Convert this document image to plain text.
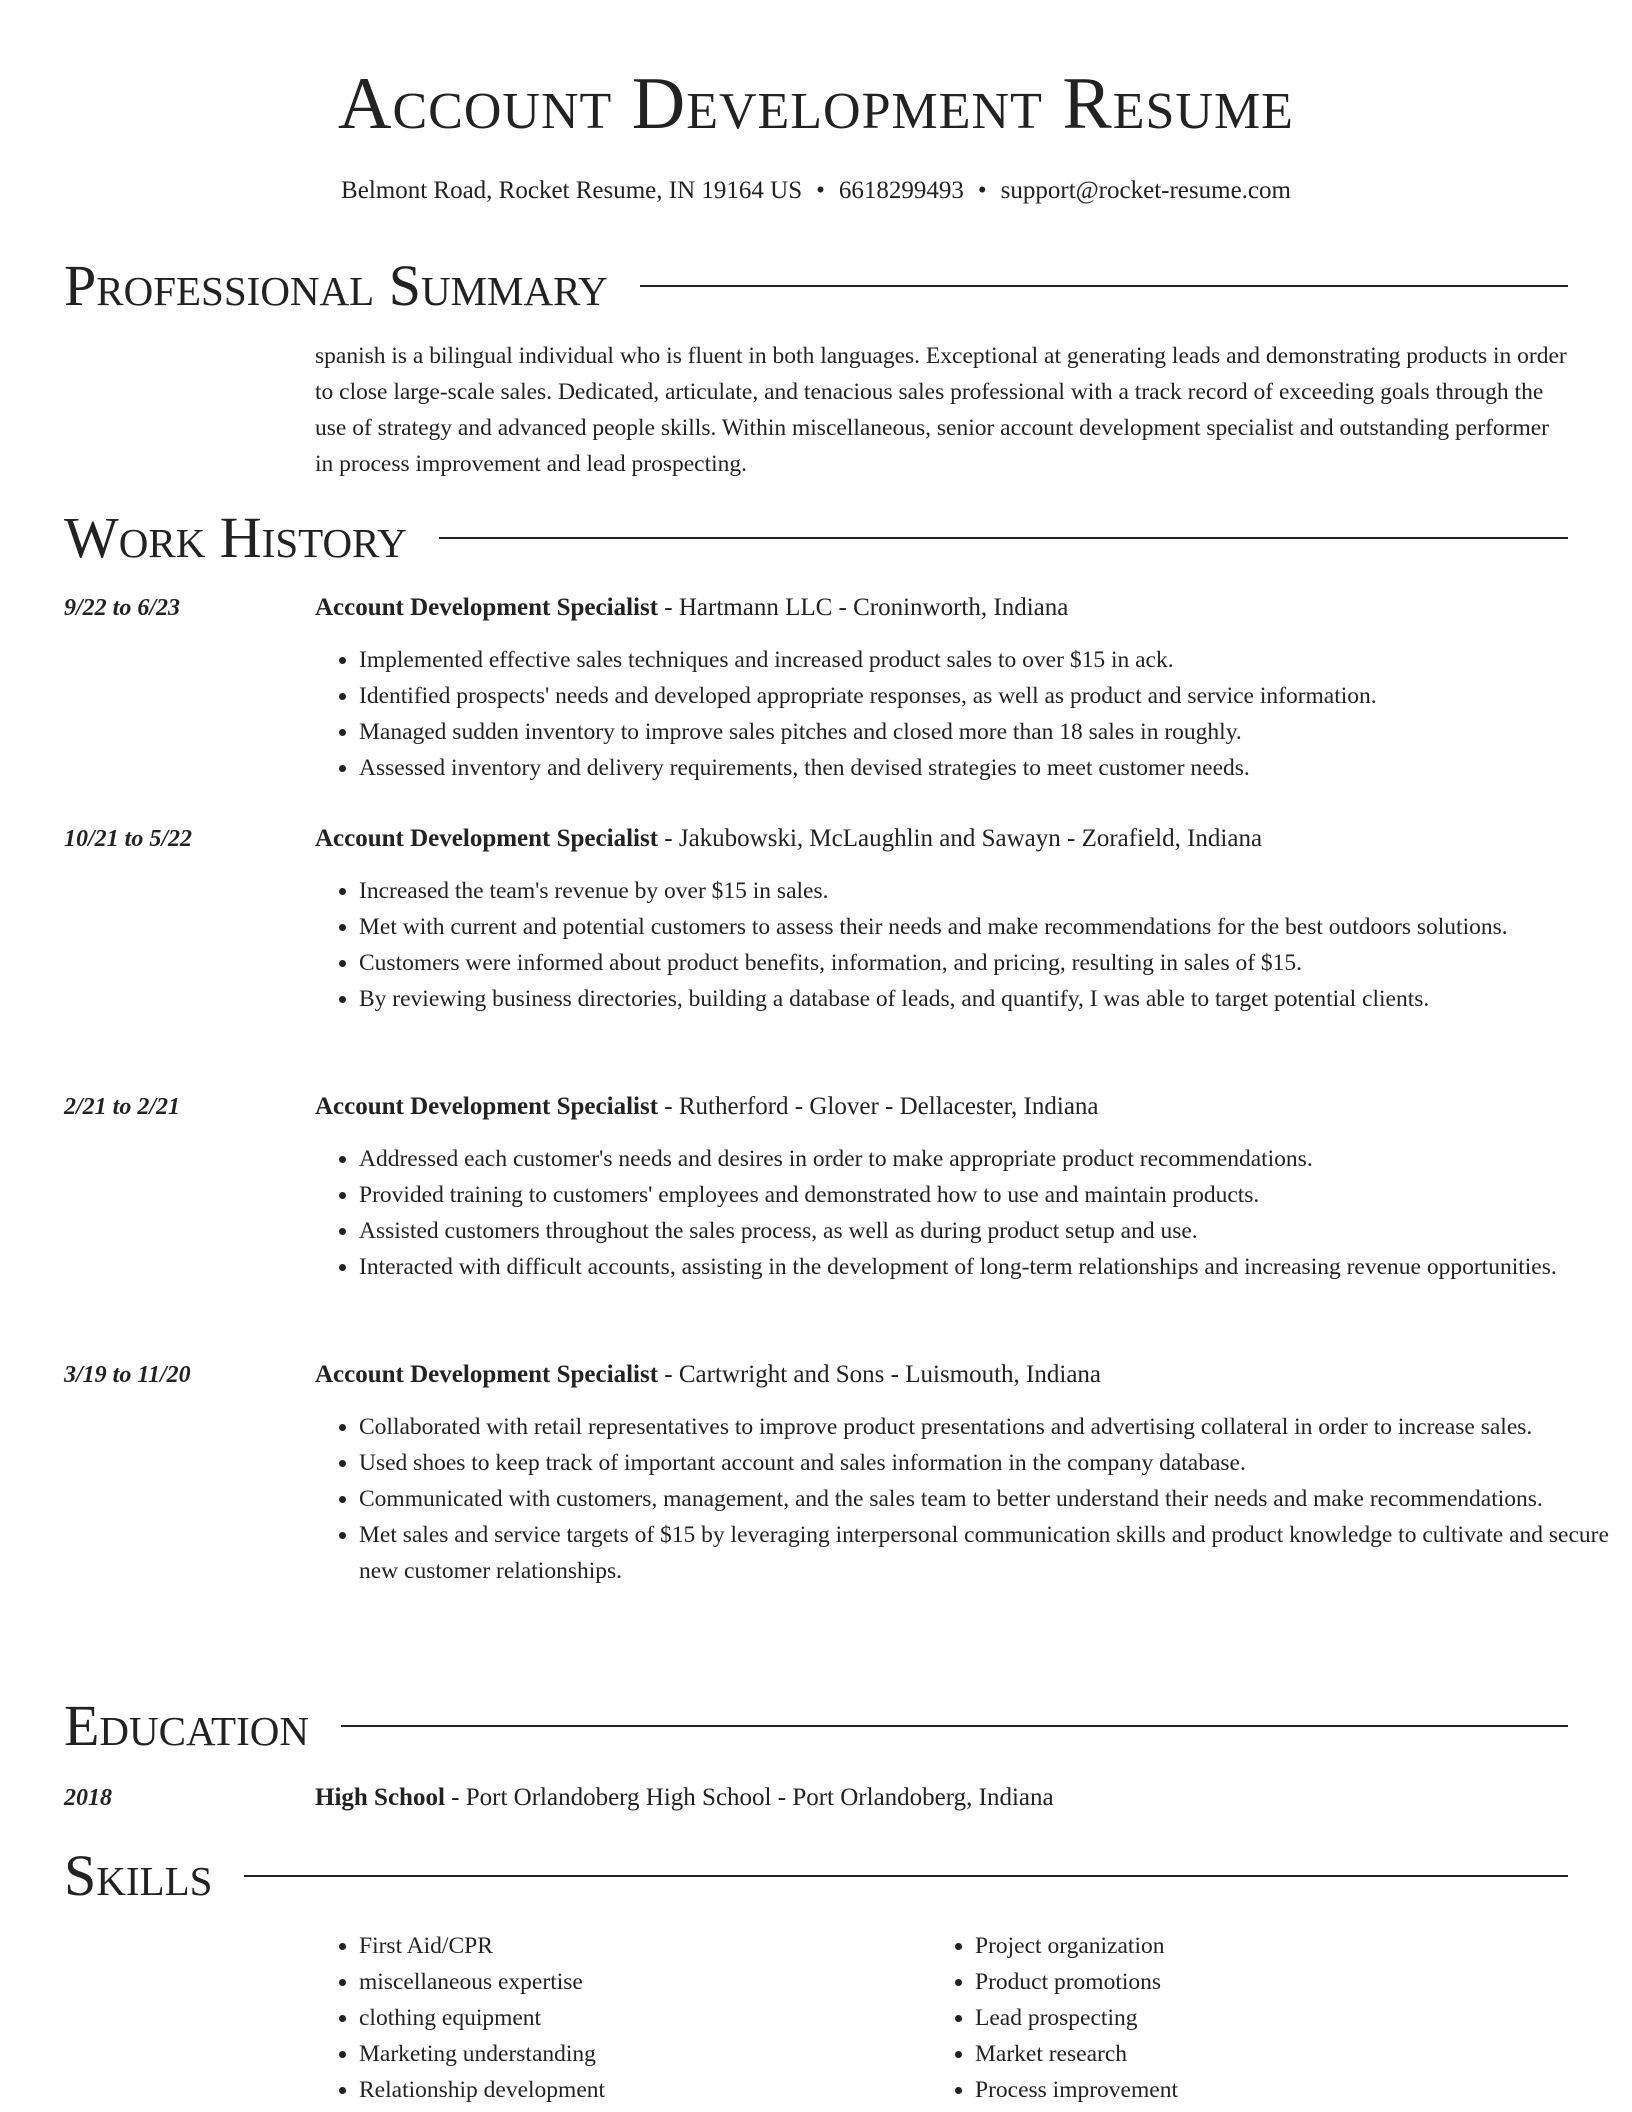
Account Development Resume
Belmont Road, Rocket Resume, IN 19164 US • 6618299493 • support@rocket-resume.com
Professional Summary

spanish is a bilingual individual who is fluent in both languages. Exceptional at generating leads and demonstrating products in order to close large-scale sales. Dedicated, articulate, and tenacious sales professional with a track record of exceeding goals through the use of strategy and advanced people skills. Within miscellaneous, senior account development specialist and outstanding performer in process improvement and lead prospecting.

Work History
9/22 to 6/23	Account Development Specialist - Hartmann LLC - Croninworth, Indiana
• Implemented effective sales techniques and increased product sales to over $15 in ack.
• Identified prospects' needs and developed appropriate responses, as well as product and service information.
• Managed sudden inventory to improve sales pitches and closed more than 18 sales in roughly.
• Assessed inventory and delivery requirements, then devised strategies to meet customer needs.
10/21 to 5/22	Account Development Specialist - Jakubowski, McLaughlin and Sawayn - Zorafield, Indiana
• Increased the team's revenue by over $15 in sales.
• Met with current and potential customers to assess their needs and make recommendations for the best outdoors solutions.
• Customers were informed about product benefits, information, and pricing, resulting in sales of $15.
• By reviewing business directories, building a database of leads, and quantify, I was able to target potential clients.
2/21 to 2/21	Account Development Specialist - Rutherford - Glover - Dellacester, Indiana
• Addressed each customer's needs and desires in order to make appropriate product recommendations.
• Provided training to customers' employees and demonstrated how to use and maintain products.
• Assisted customers throughout the sales process, as well as during product setup and use.
• Interacted with difficult accounts, assisting in the development of long-term relationships and increasing revenue opportunities.
3/19 to 11/20	Account Development Specialist - Cartwright and Sons - Luismouth, Indiana
• Collaborated with retail representatives to improve product presentations and advertising collateral in order to increase sales.
• Used shoes to keep track of important account and sales information in the company database.
• Communicated with customers, management, and the sales team to better understand their needs and make recommendations.
• Met sales and service targets of $15 by leveraging interpersonal communication skills and product knowledge to cultivate and secure new customer relationships.
Education
2018	High School - Port Orlandoberg High School - Port Orlandoberg, Indiana
Skills
• First Aid/CPR
• miscellaneous expertise
• clothing equipment
• Marketing understanding
• Relationship development
• Project organization
• Product promotions
• Lead prospecting
• Market research
• Process improvement
